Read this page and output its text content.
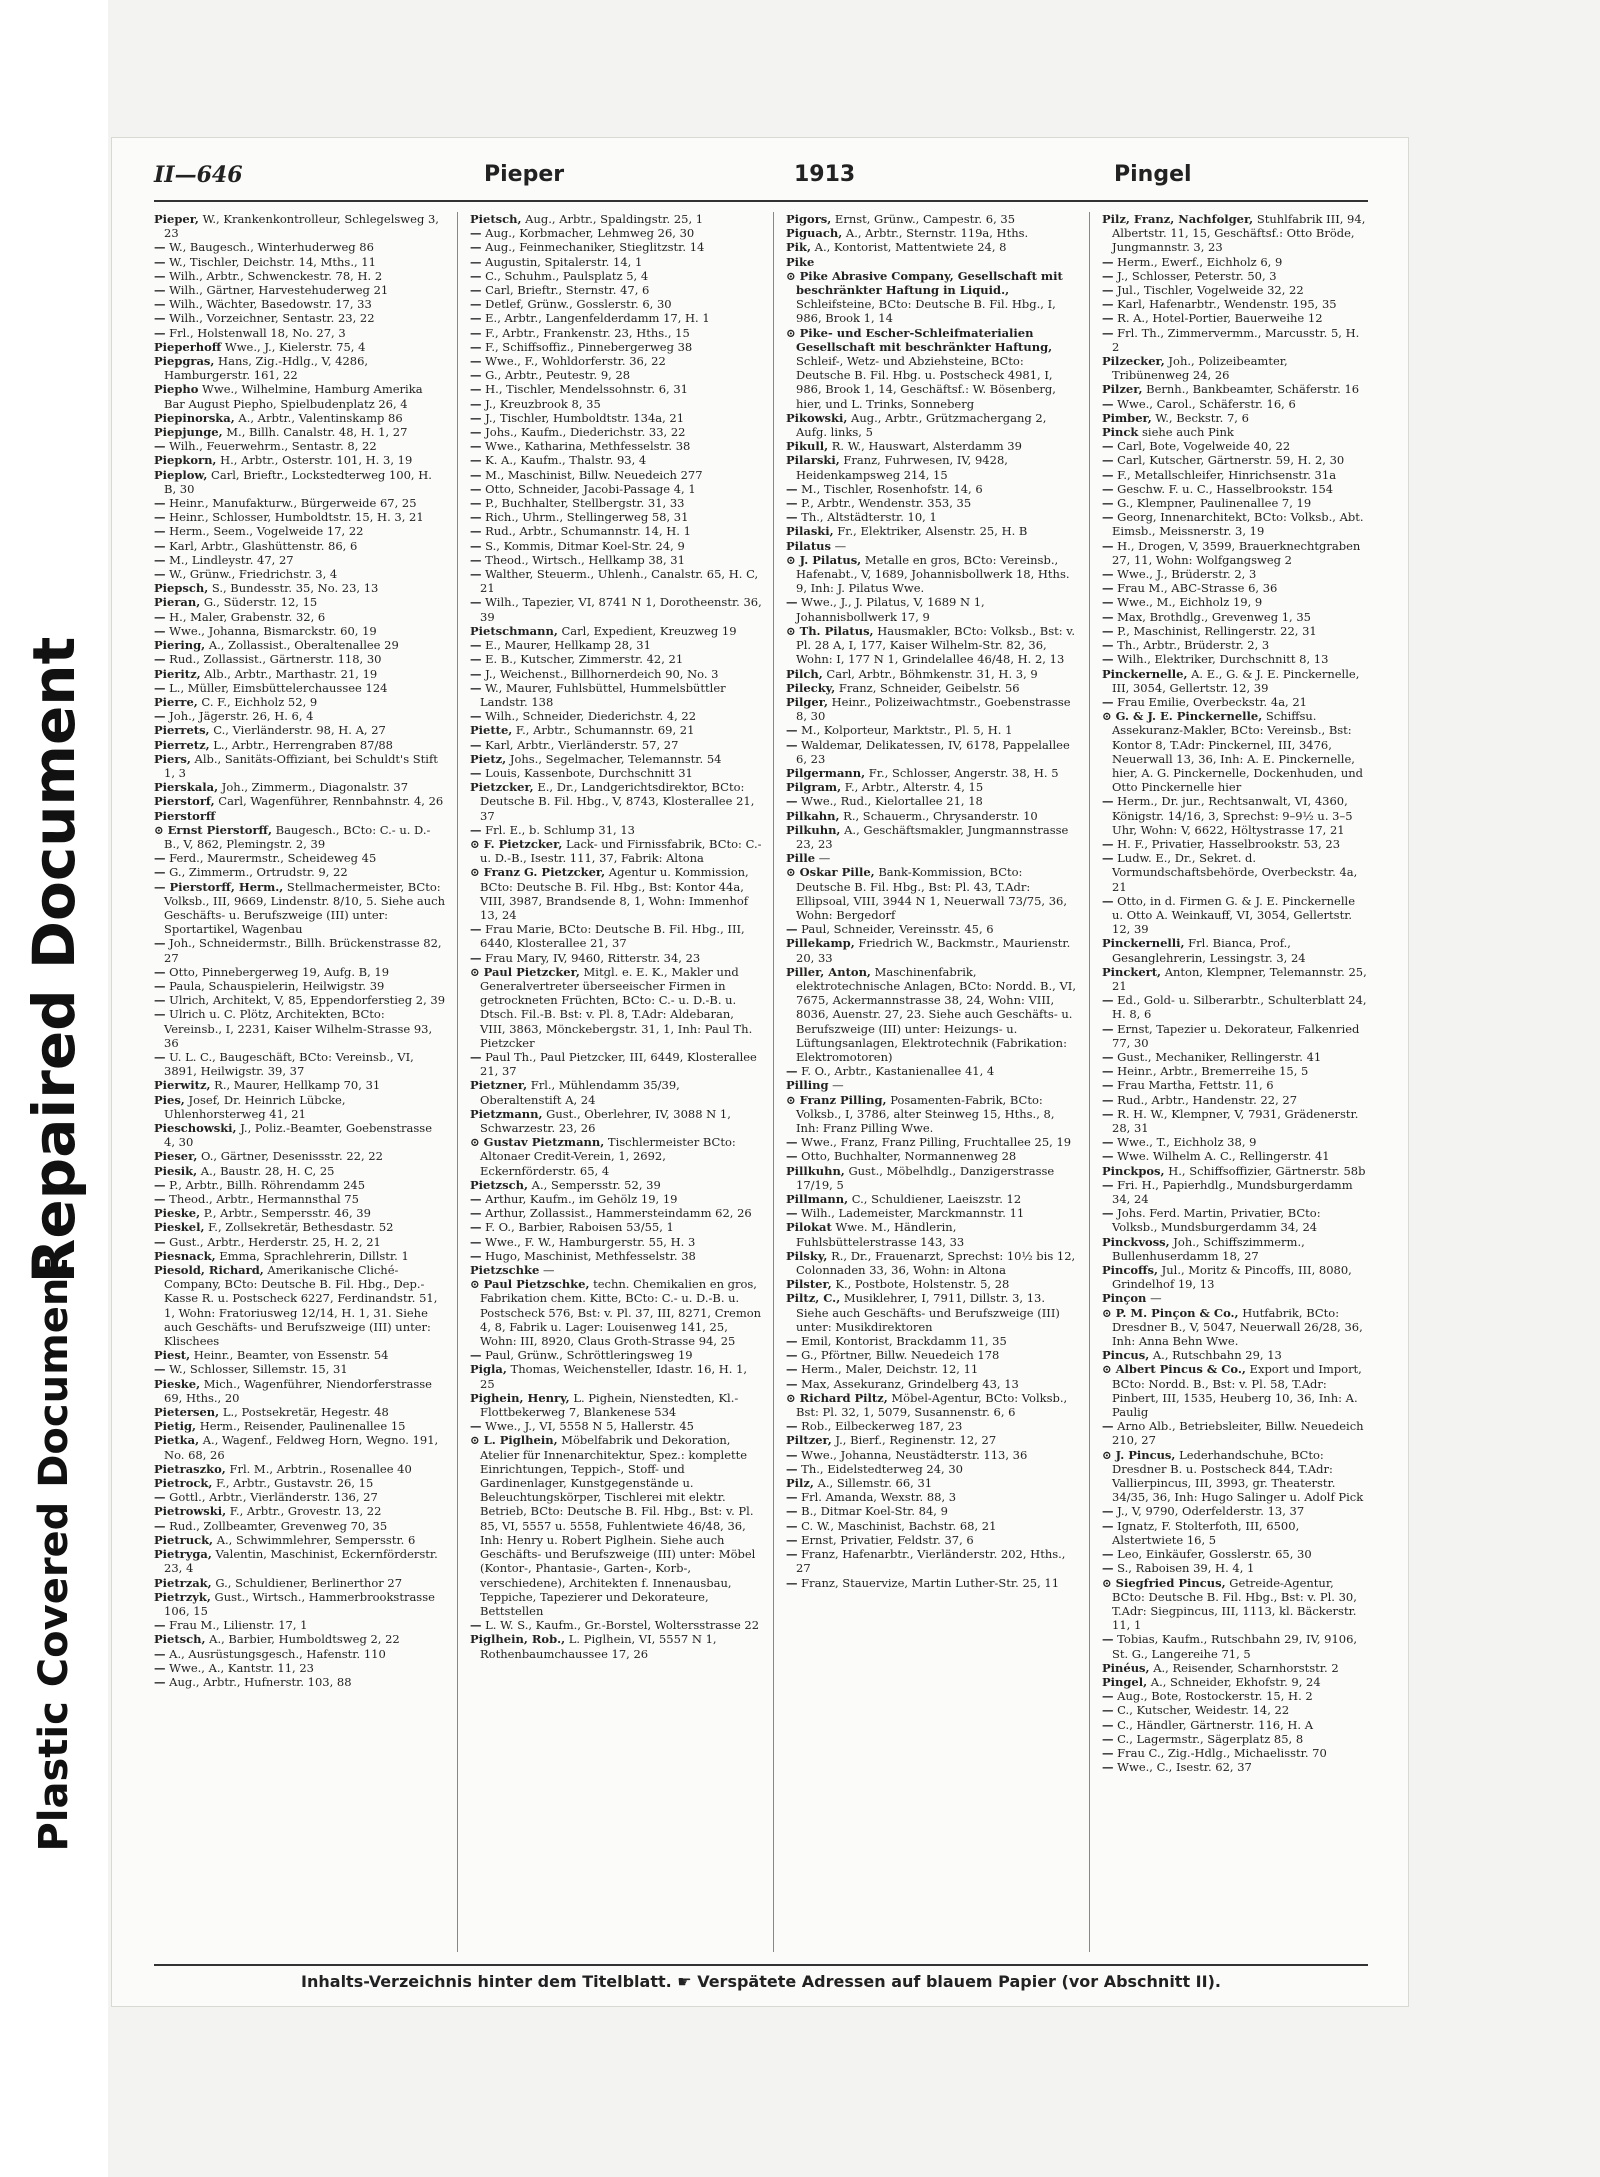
Repaired Document
Plastic Covered Document
II—646	Pieper	1913	Pingel

Pieper, W., Krankenkontrolleur, Schlegelsweg 3, 23

— W., Baugesch., Winterhuderweg 86

— W., Tischler, Deichstr. 14, Mths., 11

— Wilh., Arbtr., Schwenckestr. 78, H. 2

— Wilh., Gärtner, Harvestehuderweg 21

— Wilh., Wächter, Basedowstr. 17, 33

— Wilh., Vorzeichner, Sentastr. 23, 22

— Frl., Holstenwall 18, No. 27, 3

Pieperhoff Wwe., J., Kielerstr. 75, 4

Piepgras, Hans, Zig.-Hdlg., V, 4286, Hamburgerstr. 161, 22

Piepho Wwe., Wilhelmine, Hamburg Amerika Bar August Piepho, Spielbudenplatz 26, 4

Piepinorska, A., Arbtr., Valentinskamp 86

Piepjunge, M., Billh. Canalstr. 48, H. 1, 27

— Wilh., Feuerwehrm., Sentastr. 8, 22

Piepkorn, H., Arbtr., Osterstr. 101, H. 3, 19

Pieplow, Carl, Brieftr., Lockstedterweg 100, H. B, 30

— Heinr., Manufakturw., Bürgerweide 67, 25

— Heinr., Schlosser, Humboldtstr. 15, H. 3, 21

— Herm., Seem., Vogelweide 17, 22

— Karl, Arbtr., Glashüttenstr. 86, 6

— M., Lindleystr. 47, 27

— W., Grünw., Friedrichstr. 3, 4

Piepsch, S., Bundesstr. 35, No. 23, 13

Pieran, G., Süderstr. 12, 15

— H., Maler, Grabenstr. 32, 6

— Wwe., Johanna, Bismarckstr. 60, 19

Piering, A., Zollassist., Oberaltenallee 29

— Rud., Zollassist., Gärtnerstr. 118, 30

Pieritz, Alb., Arbtr., Marthastr. 21, 19

— L., Müller, Eimsbüttelerchaussee 124

Pierre, C. F., Eichholz 52, 9

— Joh., Jägerstr. 26, H. 6, 4

Pierrets, C., Vierländerstr. 98, H. A, 27

Pierretz, L., Arbtr., Herrengraben 87/88

Piers, Alb., Sanitäts-Offiziant, bei Schuldt's Stift 1, 3

Pierskala, Joh., Zimmerm., Diagonalstr. 37

Pierstorf, Carl, Wagenführer, Rennbahnstr. 4, 26

Pierstorff

⊙ Ernst Pierstorff, Baugesch., BCto: C.- u. D.-B., V, 862, Plemingstr. 2, 39

— Ferd., Maurermstr., Scheideweg 45

— G., Zimmerm., Ortrudstr. 9, 22

— Pierstorff, Herm., Stellmachermeister, BCto: Volksb., III, 9669, Lindenstr. 8/10, 5. Siehe auch Geschäfts- u. Berufszweige (III) unter: Sportartikel, Wagenbau

— Joh., Schneidermstr., Billh. Brückenstrasse 82, 27

— Otto, Pinnebergerweg 19, Aufg. B, 19

— Paula, Schauspielerin, Heilwigstr. 39

— Ulrich, Architekt, V, 85, Eppendorferstieg 2, 39

— Ulrich u. C. Plötz, Architekten, BCto: Vereinsb., I, 2231, Kaiser Wilhelm-Strasse 93, 36

— U. L. C., Baugeschäft, BCto: Vereinsb., VI, 3891, Heilwigstr. 39, 37

Pierwitz, R., Maurer, Hellkamp 70, 31

Pies, Josef, Dr. Heinrich Lübcke, Uhlenhorsterweg 41, 21

Pieschowski, J., Poliz.-Beamter, Goebenstrasse 4, 30

Pieser, O., Gärtner, Desenissstr. 22, 22

Piesik, A., Baustr. 28, H. C, 25

— P., Arbtr., Billh. Röhrendamm 245

— Theod., Arbtr., Hermannsthal 75

Pieske, P., Arbtr., Sempersstr. 46, 39

Pieskel, F., Zollsekretär, Bethesdastr. 52

— Gust., Arbtr., Herderstr. 25, H. 2, 21

Piesnack, Emma, Sprachlehrerin, Dillstr. 1

Piesold, Richard, Amerikanische Cliché-Company, BCto: Deutsche B. Fil. Hbg., Dep.-Kasse R. u. Postscheck 6227, Ferdinandstr. 51, 1, Wohn: Fratoriusweg 12/14, H. 1, 31. Siehe auch Geschäfts- und Berufszweige (III) unter: Klischees

Piest, Heinr., Beamter, von Essenstr. 54

— W., Schlosser, Sillemstr. 15, 31

Pieske, Mich., Wagenführer, Niendorferstrasse 69, Hths., 20

Pietersen, L., Postsekretär, Hegestr. 48

Pietig, Herm., Reisender, Paulinenallee 15

Pietka, A., Wagenf., Feldweg Horn, Wegno. 191, No. 68, 26

Pietraszko, Frl. M., Arbtrin., Rosenallee 40

Pietrock, F., Arbtr., Gustavstr. 26, 15

— Gottl., Arbtr., Vierländerstr. 136, 27

Pietrowski, F., Arbtr., Grovestr. 13, 22

— Rud., Zollbeamter, Grevenweg 70, 35

Pietruck, A., Schwimmlehrer, Sempersstr. 6

Pietryga, Valentin, Maschinist, Eckernförderstr. 23, 4

Pietrzak, G., Schuldiener, Berlinerthor 27

Pietrzyk, Gust., Wirtsch., Hammerbrookstrasse 106, 15

— Frau M., Lilienstr. 17, 1

Pietsch, A., Barbier, Humboldtsweg 2, 22

— A., Ausrüstungsgesch., Hafenstr. 110

— Wwe., A., Kantstr. 11, 23

— Aug., Arbtr., Hufnerstr. 103, 88

Pietsch, Aug., Arbtr., Spaldingstr. 25, 1

— Aug., Korbmacher, Lehmweg 26, 30

— Aug., Feinmechaniker, Stieglitzstr. 14

— Augustin, Spitalerstr. 14, 1

— C., Schuhm., Paulsplatz 5, 4

— Carl, Brieftr., Sternstr. 47, 6

— Detlef, Grünw., Gosslerstr. 6, 30

— E., Arbtr., Langenfelderdamm 17, H. 1

— F., Arbtr., Frankenstr. 23, Hths., 15

— F., Schiffsoffiz., Pinnebergerweg 38

— Wwe., F., Wohldorferstr. 36, 22

— G., Arbtr., Peutestr. 9, 28

— H., Tischler, Mendelssohnstr. 6, 31

— J., Kreuzbrook 8, 35

— J., Tischler, Humboldtstr. 134a, 21

— Johs., Kaufm., Diederichstr. 33, 22

— Wwe., Katharina, Methfesselstr. 38

— K. A., Kaufm., Thalstr. 93, 4

— M., Maschinist, Billw. Neuedeich 277

— Otto, Schneider, Jacobi-Passage 4, 1

— P., Buchhalter, Stellbergstr. 31, 33

— Rich., Uhrm., Stellingerweg 58, 31

— Rud., Arbtr., Schumannstr. 14, H. 1

— S., Kommis, Ditmar Koel-Str. 24, 9

— Theod., Wirtsch., Hellkamp 38, 31

— Walther, Steuerm., Uhlenh., Canalstr. 65, H. C, 21

— Wilh., Tapezier, VI, 8741 N 1, Dorotheenstr. 36, 39

Pietschmann, Carl, Expedient, Kreuzweg 19

— E., Maurer, Hellkamp 28, 31

— E. B., Kutscher, Zimmerstr. 42, 21

— J., Weichenst., Billhornerdeich 90, No. 3

— W., Maurer, Fuhlsbüttel, Hummelsbüttler Landstr. 138

— Wilh., Schneider, Diederichstr. 4, 22

Piette, F., Arbtr., Schumannstr. 69, 21

— Karl, Arbtr., Vierländerstr. 57, 27

Pietz, Johs., Segelmacher, Telemannstr. 54

— Louis, Kassenbote, Durchschnitt 31

Pietzcker, E., Dr., Landgerichtsdirektor, BCto: Deutsche B. Fil. Hbg., V, 8743, Klosterallee 21, 37

— Frl. E., b. Schlump 31, 13

⊙ F. Pietzcker, Lack- und Firnissfabrik, BCto: C.- u. D.-B., Isestr. 111, 37, Fabrik: Altona

⊙ Franz G. Pietzcker, Agentur u. Kommission, BCto: Deutsche B. Fil. Hbg., Bst: Kontor 44a, VIII, 3987, Brandsende 8, 1, Wohn: Immenhof 13, 24

— Frau Marie, BCto: Deutsche B. Fil. Hbg., III, 6440, Klosterallee 21, 37

— Frau Mary, IV, 9460, Ritterstr. 34, 23

⊙ Paul Pietzcker, Mitgl. e. E. K., Makler und Generalvertreter überseeischer Firmen in getrockneten Früchten, BCto: C.- u. D.-B. u. Dtsch. Fil.-B. Bst: v. Pl. 8, T.Adr: Aldebaran, VIII, 3863, Mönckebergstr. 31, 1, Inh: Paul Th. Pietzcker

— Paul Th., Paul Pietzcker, III, 6449, Klosterallee 21, 37

Pietzner, Frl., Mühlendamm 35/39, Oberaltenstift A, 24

Pietzmann, Gust., Oberlehrer, IV, 3088 N 1, Schwarzestr. 23, 26

⊙ Gustav Pietzmann, Tischlermeister BCto: Altonaer Credit-Verein, 1, 2692, Eckernförderstr. 65, 4

Pietzsch, A., Sempersstr. 52, 39

— Arthur, Kaufm., im Gehölz 19, 19

— Arthur, Zollassist., Hammersteindamm 62, 26

— F. O., Barbier, Raboisen 53/55, 1

— Wwe., F. W., Hamburgerstr. 55, H. 3

— Hugo, Maschinist, Methfesselstr. 38

Pietzschke —

⊙ Paul Pietzschke, techn. Chemikalien en gros, Fabrikation chem. Kitte, BCto: C.- u. D.-B. u. Postscheck 576, Bst: v. Pl. 37, III, 8271, Cremon 4, 8, Fabrik u. Lager: Louisenweg 141, 25, Wohn: III, 8920, Claus Groth-Strasse 94, 25

— Paul, Grünw., Schröttleringsweg 19

Pigla, Thomas, Weichensteller, Idastr. 16, H. 1, 25

Pighein, Henry, L. Pighein, Nienstedten, Kl.-Flottbekerweg 7, Blankenese 534

— Wwe., J., VI, 5558 N 5, Hallerstr. 45

⊙ L. Piglhein, Möbelfabrik und Dekoration, Atelier für Innenarchitektur, Spez.: komplette Einrichtungen, Teppich-, Stoff- und Gardinenlager, Kunstgegenstände u. Beleuchtungskörper, Tischlerei mit elektr. Betrieb, BCto: Deutsche B. Fil. Hbg., Bst: v. Pl. 85, VI, 5557 u. 5558, Fuhlentwiete 46/48, 36, Inh: Henry u. Robert Piglhein. Siehe auch Geschäfts- und Berufszweige (III) unter: Möbel (Kontor-, Phantasie-, Garten-, Korb-, verschiedene), Architekten f. Innenausbau, Teppiche, Tapezierer und Dekorateure, Bettstellen

— L. W. S., Kaufm., Gr.-Borstel, Woltersstrasse 22

Piglhein, Rob., L. Piglhein, VI, 5557 N 1, Rothenbaumchaussee 17, 26

Pigors, Ernst, Grünw., Campestr. 6, 35

Piguach, A., Arbtr., Sternstr. 119a, Hths.

Pik, A., Kontorist, Mattentwiete 24, 8

Pike

⊙ Pike Abrasive Company, Gesellschaft mit beschränkter Haftung in Liquid., Schleifsteine, BCto: Deutsche B. Fil. Hbg., I, 986, Brook 1, 14

⊙ Pike- und Escher-Schleifmaterialien Gesellschaft mit beschränkter Haftung, Schleif-, Wetz- und Abziehsteine, BCto: Deutsche B. Fil. Hbg. u. Postscheck 4981, I, 986, Brook 1, 14, Geschäftsf.: W. Bösenberg, hier, und L. Trinks, Sonneberg

Pikowski, Aug., Arbtr., Grützmachergang 2, Aufg. links, 5

Pikull, R. W., Hauswart, Alsterdamm 39

Pilarski, Franz, Fuhrwesen, IV, 9428, Heidenkampsweg 214, 15

— M., Tischler, Rosenhofstr. 14, 6

— P., Arbtr., Wendenstr. 353, 35

— Th., Altstädterstr. 10, 1

Pilaski, Fr., Elektriker, Alsenstr. 25, H. B

Pilatus —

⊙ J. Pilatus, Metalle en gros, BCto: Vereinsb., Hafenabt., V, 1689, Johannisbollwerk 18, Hths. 9, Inh: J. Pilatus Wwe.

— Wwe., J., J. Pilatus, V, 1689 N 1, Johannisbollwerk 17, 9

⊙ Th. Pilatus, Hausmakler, BCto: Volksb., Bst: v. Pl. 28 A, I, 177, Kaiser Wilhelm-Str. 82, 36, Wohn: I, 177 N 1, Grindelallee 46/48, H. 2, 13

Pilch, Carl, Arbtr., Böhmkenstr. 31, H. 3, 9

Pilecky, Franz, Schneider, Geibelstr. 56

Pilger, Heinr., Polizeiwachtmstr., Goebenstrasse 8, 30

— M., Kolporteur, Marktstr., Pl. 5, H. 1

— Waldemar, Delikatessen, IV, 6178, Pappelallee 6, 23

Pilgermann, Fr., Schlosser, Angerstr. 38, H. 5

Pilgram, F., Arbtr., Alterstr. 4, 15

— Wwe., Rud., Kielortallee 21, 18

Pilkahn, R., Schauerm., Chrysanderstr. 10

Pilkuhn, A., Geschäftsmakler, Jungmannstrasse 23, 23

Pille —

⊙ Oskar Pille, Bank-Kommission, BCto: Deutsche B. Fil. Hbg., Bst: Pl. 43, T.Adr: Ellipsoal, VIII, 3944 N 1, Neuerwall 73/75, 36, Wohn: Bergedorf

— Paul, Schneider, Vereinsstr. 45, 6

Pillekamp, Friedrich W., Backmstr., Maurienstr. 20, 33

Piller, Anton, Maschinenfabrik, elektrotechnische Anlagen, BCto: Nordd. B., VI, 7675, Ackermannstrasse 38, 24, Wohn: VIII, 8036, Auenstr. 27, 23. Siehe auch Geschäfts- u. Berufszweige (III) unter: Heizungs- u. Lüftungsanlagen, Elektrotechnik (Fabrikation: Elektromotoren)

— F. O., Arbtr., Kastanienallee 41, 4

Pilling —

⊙ Franz Pilling, Posamenten-Fabrik, BCto: Volksb., I, 3786, alter Steinweg 15, Hths., 8, Inh: Franz Pilling Wwe.

— Wwe., Franz, Franz Pilling, Fruchtallee 25, 19

— Otto, Buchhalter, Normannenweg 28

Pillkuhn, Gust., Möbelhdlg., Danzigerstrasse 17/19, 5

Pillmann, C., Schuldiener, Laeiszstr. 12

— Wilh., Lademeister, Marckmannstr. 11

Pilokat Wwe. M., Händlerin, Fuhlsbüttelerstrasse 143, 33

Pilsky, R., Dr., Frauenarzt, Sprechst: 10½ bis 12, Colonnaden 33, 36, Wohn: in Altona

Pilster, K., Postbote, Holstenstr. 5, 28

Piltz, C., Musiklehrer, I, 7911, Dillstr. 3, 13. Siehe auch Geschäfts- und Berufszweige (III) unter: Musikdirektoren

— Emil, Kontorist, Brackdamm 11, 35

— G., Pförtner, Billw. Neuedeich 178

— Herm., Maler, Deichstr. 12, 11

— Max, Assekuranz, Grindelberg 43, 13

⊙ Richard Piltz, Möbel-Agentur, BCto: Volksb., Bst: Pl. 32, 1, 5079, Susannenstr. 6, 6

— Rob., Eilbeckerweg 187, 23

Piltzer, J., Bierf., Reginenstr. 12, 27

— Wwe., Johanna, Neustädterstr. 113, 36

— Th., Eidelstedterweg 24, 30

Pilz, A., Sillemstr. 66, 31

— Frl. Amanda, Wexstr. 88, 3

— B., Ditmar Koel-Str. 84, 9

— C. W., Maschinist, Bachstr. 68, 21

— Ernst, Privatier, Feldstr. 37, 6

— Franz, Hafenarbtr., Vierländerstr. 202, Hths., 27

— Franz, Stauervize, Martin Luther-Str. 25, 11

Pilz, Franz, Nachfolger, Stuhlfabrik III, 94, Albertstr. 11, 15, Geschäftsf.: Otto Bröde, Jungmannstr. 3, 23

— Herm., Ewerf., Eichholz 6, 9

— J., Schlosser, Peterstr. 50, 3

— Jul., Tischler, Vogelweide 32, 22

— Karl, Hafenarbtr., Wendenstr. 195, 35

— R. A., Hotel-Portier, Bauerweihe 12

— Frl. Th., Zimmervermm., Marcusstr. 5, H. 2

Pilzecker, Joh., Polizeibeamter, Tribünenweg 24, 26

Pilzer, Bernh., Bankbeamter, Schäferstr. 16

— Wwe., Carol., Schäferstr. 16, 6

Pimber, W., Beckstr. 7, 6

Pinck siehe auch Pink

— Carl, Bote, Vogelweide 40, 22

— Carl, Kutscher, Gärtnerstr. 59, H. 2, 30

— F., Metallschleifer, Hinrichsenstr. 31a

— Geschw. F. u. C., Hasselbrookstr. 154

— G., Klempner, Paulinenallee 7, 19

— Georg, Innenarchitekt, BCto: Volksb., Abt. Eimsb., Meissnerstr. 3, 19

— H., Drogen, V, 3599, Brauerknechtgraben 27, 11, Wohn: Wolfgangsweg 2

— Wwe., J., Brüderstr. 2, 3

— Frau M., ABC-Strasse 6, 36

— Wwe., M., Eichholz 19, 9

— Max, Brothdlg., Grevenweg 1, 35

— P., Maschinist, Rellingerstr. 22, 31

— Th., Arbtr., Brüderstr. 2, 3

— Wilh., Elektriker, Durchschnitt 8, 13

Pinckernelle, A. E., G. & J. E. Pinckernelle, III, 3054, Gellertstr. 12, 39

— Frau Emilie, Overbeckstr. 4a, 21

⊙ G. & J. E. Pinckernelle, Schiffsu. Assekuranz-Makler, BCto: Vereinsb., Bst: Kontor 8, T.Adr: Pinckernel, III, 3476, Neuerwall 13, 36, Inh: A. E. Pinckernelle, hier, A. G. Pinckernelle, Dockenhuden, und Otto Pinckernelle hier

— Herm., Dr. jur., Rechtsanwalt, VI, 4360, Königstr. 14/16, 3, Sprechst: 9–9½ u. 3–5 Uhr, Wohn: V, 6622, Höltystrasse 17, 21

— H. F., Privatier, Hasselbrookstr. 53, 23

— Ludw. E., Dr., Sekret. d. Vormundschaftsbehörde, Overbeckstr. 4a, 21

— Otto, in d. Firmen G. & J. E. Pinckernelle u. Otto A. Weinkauff, VI, 3054, Gellertstr. 12, 39

Pinckernelli, Frl. Bianca, Prof., Gesanglehrerin, Lessingstr. 3, 24

Pinckert, Anton, Klempner, Telemannstr. 25, 21

— Ed., Gold- u. Silberarbtr., Schulterblatt 24, H. 8, 6

— Ernst, Tapezier u. Dekorateur, Falkenried 77, 30

— Gust., Mechaniker, Rellingerstr. 41

— Heinr., Arbtr., Bremerreihe 15, 5

— Frau Martha, Fettstr. 11, 6

— Rud., Arbtr., Handenstr. 22, 27

— R. H. W., Klempner, V, 7931, Grädenerstr. 28, 31

— Wwe., T., Eichholz 38, 9

— Wwe. Wilhelm A. C., Rellingerstr. 41

Pinckpos, H., Schiffsoffizier, Gärtnerstr. 58b

— Fri. H., Papierhdlg., Mundsburgerdamm 34, 24

— Johs. Ferd. Martin, Privatier, BCto: Volksb., Mundsburgerdamm 34, 24

Pinckvoss, Joh., Schiffszimmerm., Bullenhuserdamm 18, 27

Pincoffs, Jul., Moritz & Pincoffs, III, 8080, Grindelhof 19, 13

Pinçon —

⊙ P. M. Pinçon & Co., Hutfabrik, BCto: Dresdner B., V, 5047, Neuerwall 26/28, 36, Inh: Anna Behn Wwe.

Pincus, A., Rutschbahn 29, 13

⊙ Albert Pincus & Co., Export und Import, BCto: Nordd. B., Bst: v. Pl. 58, T.Adr: Pinbert, III, 1535, Heuberg 10, 36, Inh: A. Paulig

— Arno Alb., Betriebsleiter, Billw. Neuedeich 210, 27

⊙ J. Pincus, Lederhandschuhe, BCto: Dresdner B. u. Postscheck 844, T.Adr: Vallierpincus, III, 3993, gr. Theaterstr. 34/35, 36, Inh: Hugo Salinger u. Adolf Pick

— J., V, 9790, Oderfelderstr. 13, 37

— Ignatz, F. Stolterfoth, III, 6500, Alstertwiete 16, 5

— Leo, Einkäufer, Gosslerstr. 65, 30

— S., Raboisen 39, H. 4, 1

⊙ Siegfried Pincus, Getreide-Agentur, BCto: Deutsche B. Fil. Hbg., Bst: v. Pl. 30, T.Adr: Siegpincus, III, 1113, kl. Bäckerstr. 11, 1

— Tobias, Kaufm., Rutschbahn 29, IV, 9106, St. G., Langereihe 71, 5

Pinéus, A., Reisender, Scharnhorststr. 2

Pingel, A., Schneider, Ekhofstr. 9, 24

— Aug., Bote, Rostockerstr. 15, H. 2

— C., Kutscher, Weidestr. 14, 22

— C., Händler, Gärtnerstr. 116, H. A

— C., Lagermstr., Sägerplatz 85, 8

— Frau C., Zig.-Hdlg., Michaelisstr. 70

— Wwe., C., Isestr. 62, 37

Inhalts-Verzeichnis hinter dem Titelblatt. ☛ Verspätete Adressen auf blauem Papier (vor Abschnitt II).
